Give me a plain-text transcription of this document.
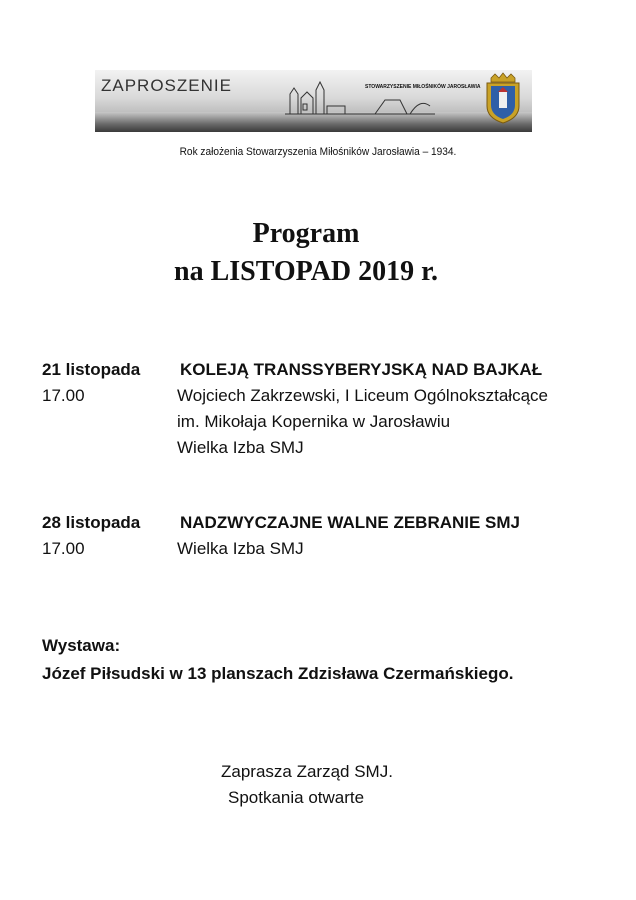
ZAPROSZENIE	STOWARZYSZENIE MIŁOŚNIKÓW JAROSŁAWIA
Rok założenia Stowarzyszenia Miłośników Jarosławia – 1934.
Program
na LISTOPAD 2019 r.
21 listopada KOLEJĄ TRANSSYBERYJSKĄ NAD BAJKAŁ
17.00	Wojciech Zakrzewski, I Liceum Ogólnokształcące
im. Mikołaja Kopernika w Jarosławiu
Wielka Izba SMJ
28 listopada NADZWYCZAJNE WALNE ZEBRANIE SMJ
17.00	Wielka Izba SMJ
Wystawa:
Józef Piłsudski w 13 planszach Zdzisława Czermańskiego.
Zaprasza Zarząd SMJ.
Spotkania otwarte
